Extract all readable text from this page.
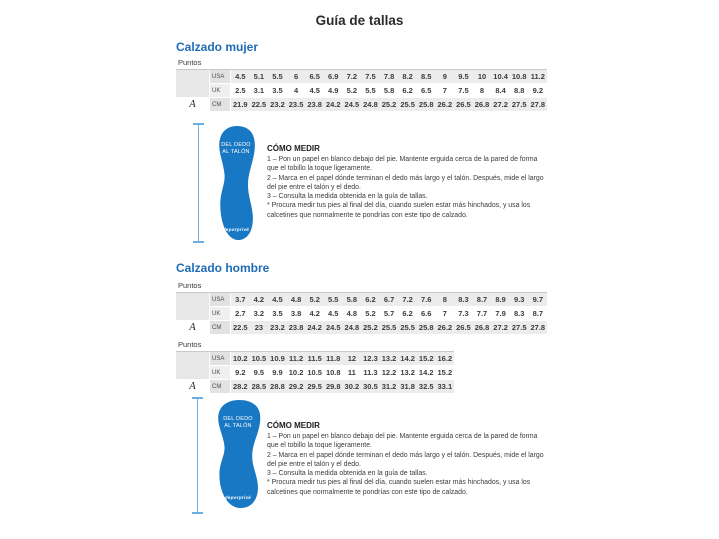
Guía de tallas
Calzado mujer
Puntos
USA	4.5	5.1	5.5	6	6.5	6.9	7.2	7.5	7.8	8.2	8.5	9	9.5	10 10.4 10.8 11.2
UK	2.5	3.1	3.5	4	4.5	4.9	5.2	5.5	5.8	6.2	6.5	7	7.5	8	8.4	8.8	9.2
A	CM	21.9 22.5 23.2 23.5 23.8 24.2 24.5 24.8 25.2 25.5 25.8 26.2 26.5 26.8 27.2 27.5 27.8
DEL DEDO
AL TALÓN
deporprivé
CÓMO MEDIR

1 – Pon un papel en blanco debajo del pie. Mantente erguida cerca de la pared de forma que el tobillo la toque ligeramente.

2 – Marca en el papel dónde terminan el dedo más largo y el talón. Después, mide el largo del pie entre el talón y el dedo.

3 – Consulta la medida obtenida en la guía de tallas.

* Procura medir tus pies al final del día, cuando suelen estar más hinchados, y usa los calcetines que normalmente te pondrías con este tipo de calzado.

Calzado hombre
Puntos
USA	3.7	4.2	4.5	4.8	5.2	5.5	5.8	6.2	6.7	7.2	7.6	8	8.3	8.7	8.9	9.3	9.7
UK	2.7	3.2	3.5	3.8	4.2	4.5	4.8	5.2	5.7	6.2	6.6	7	7.3	7.7	7.9	8.3	8.7
A	CM	22.5 23 23.2 23.8 24.2 24.5 24.8 25.2 25.5 25.5 25.8 26.2 26.5 26.8 27.2 27.5 27.8
Puntos
USA	10.2 10.5 10.9 11.2 11.5 11.8 12 12.3 13.2 14.2 15.2 16.2
UK	9.2	9.5	9.9 10.2 10.5 10.8 11	11.3 12.2 13.2 14.2 15.2
A	CM	28.2 28.5 28.8 29.2 29.5 29.8 30.2 30.5 31.2 31.8 32.5 33.1
DEL DEDO
AL TALÓN
deporprivé
CÓMO MEDIR

1 – Pon un papel en blanco debajo del pie. Mantente erguida cerca de la pared de forma que el tobillo la toque ligeramente.

2 – Marca en el papel dónde terminan el dedo más largo y el talón. Después, mide el largo del pie entre el talón y el dedo.

3 – Consulta la medida obtenida en la guía de tallas.

* Procura medir tus pies al final del día, cuando suelen estar más hinchados, y usa los calcetines que normalmente te pondrías con este tipo de calzado.
